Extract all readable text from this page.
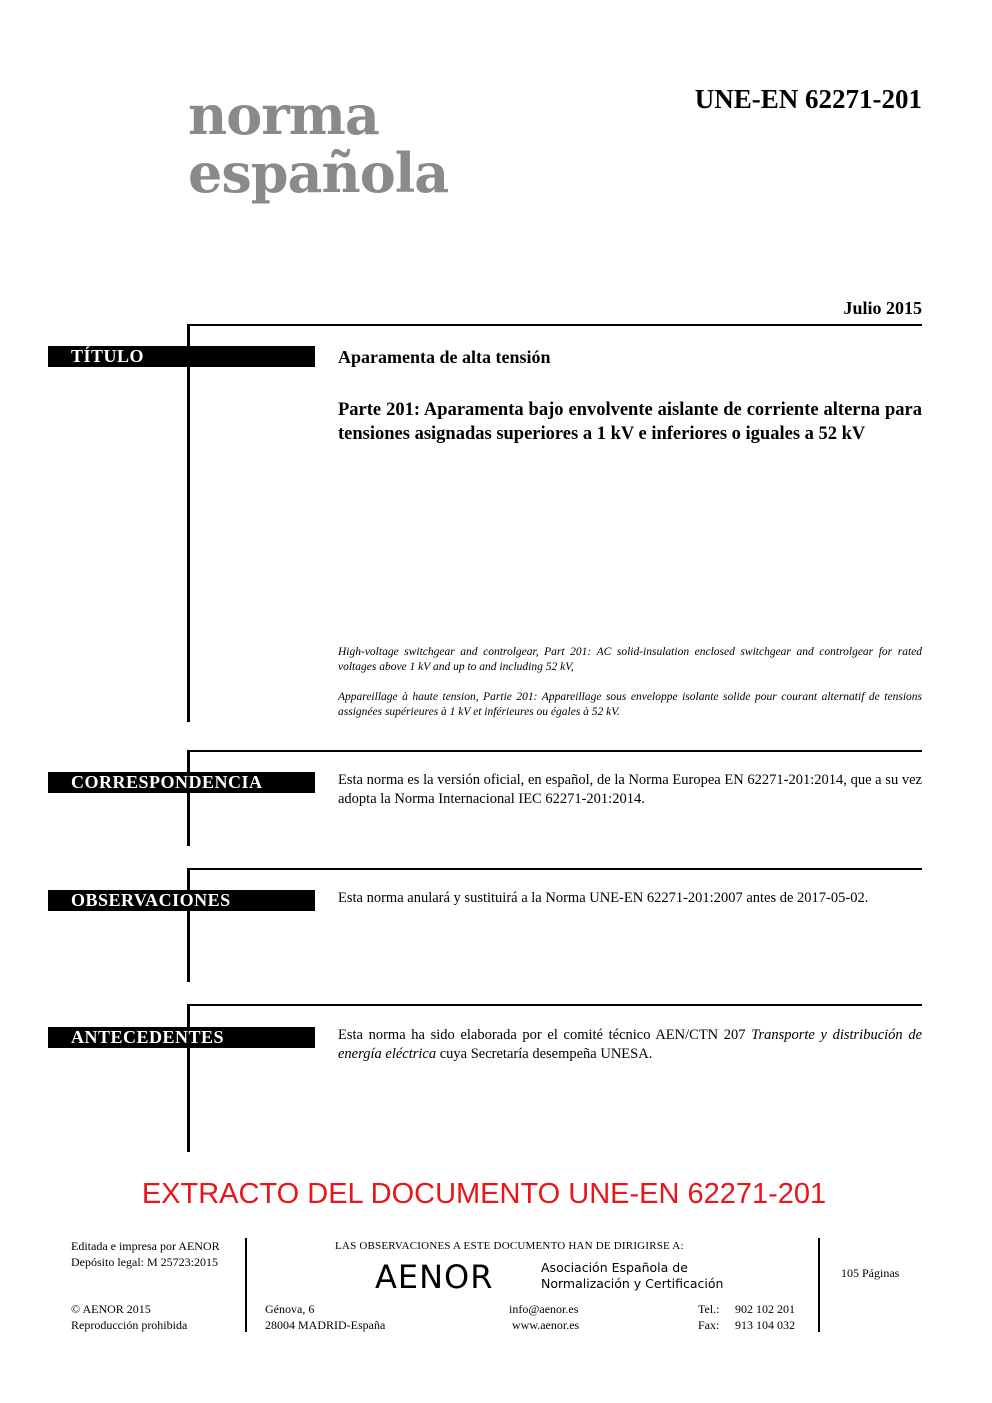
norma
española
UNE-EN 62271-201
Julio 2015
TÍTULO	Aparamenta de alta tensión
Parte 201: Aparamenta bajo envolvente aislante de corriente alterna para tensiones asignadas superiores a 1 kV e inferiores o iguales a 52 kV
High-voltage switchgear and controlgear, Part 201: AC solid-insulation enclosed switchgear and controlgear for rated voltages above 1 kV and up to and including 52 kV,
Appareillage à haute tension, Partie 201: Appareillage sous enveloppe isolante solide pour courant alternatif de tensions assignées supérieures à 1 kV et inférieures ou égales à 52 kV.
CORRESPONDENCIA	Esta norma es la versión oficial, en español, de la Norma Europea EN 62271-201:2014, que a su vez adopta la Norma Internacional IEC 62271-201:2014.
OBSERVACIONES	Esta norma anulará y sustituirá a la Norma UNE-EN 62271-201:2007 antes de 2017-05-02.
ANTECEDENTES	Esta norma ha sido elaborada por el comité técnico AEN/CTN 207 Transporte y distribución de energía eléctrica cuya Secretaría desempeña UNESA.
EXTRACTO DEL DOCUMENTO UNE-EN 62271-201
Editada e impresa por AENOR
Depósito legal: M 25723:2015
© AENOR 2015
Reproducción prohibida
LAS OBSERVACIONES A ESTE DOCUMENTO HAN DE DIRIGIRSE A:
AENOR	Asociación Española de
Normalización y Certificación
Génova, 6
28004 MADRID-España
info@aenor.es
www.aenor.es
Tel.: 902 102 201
Fax: 913 104 032
105 Páginas
